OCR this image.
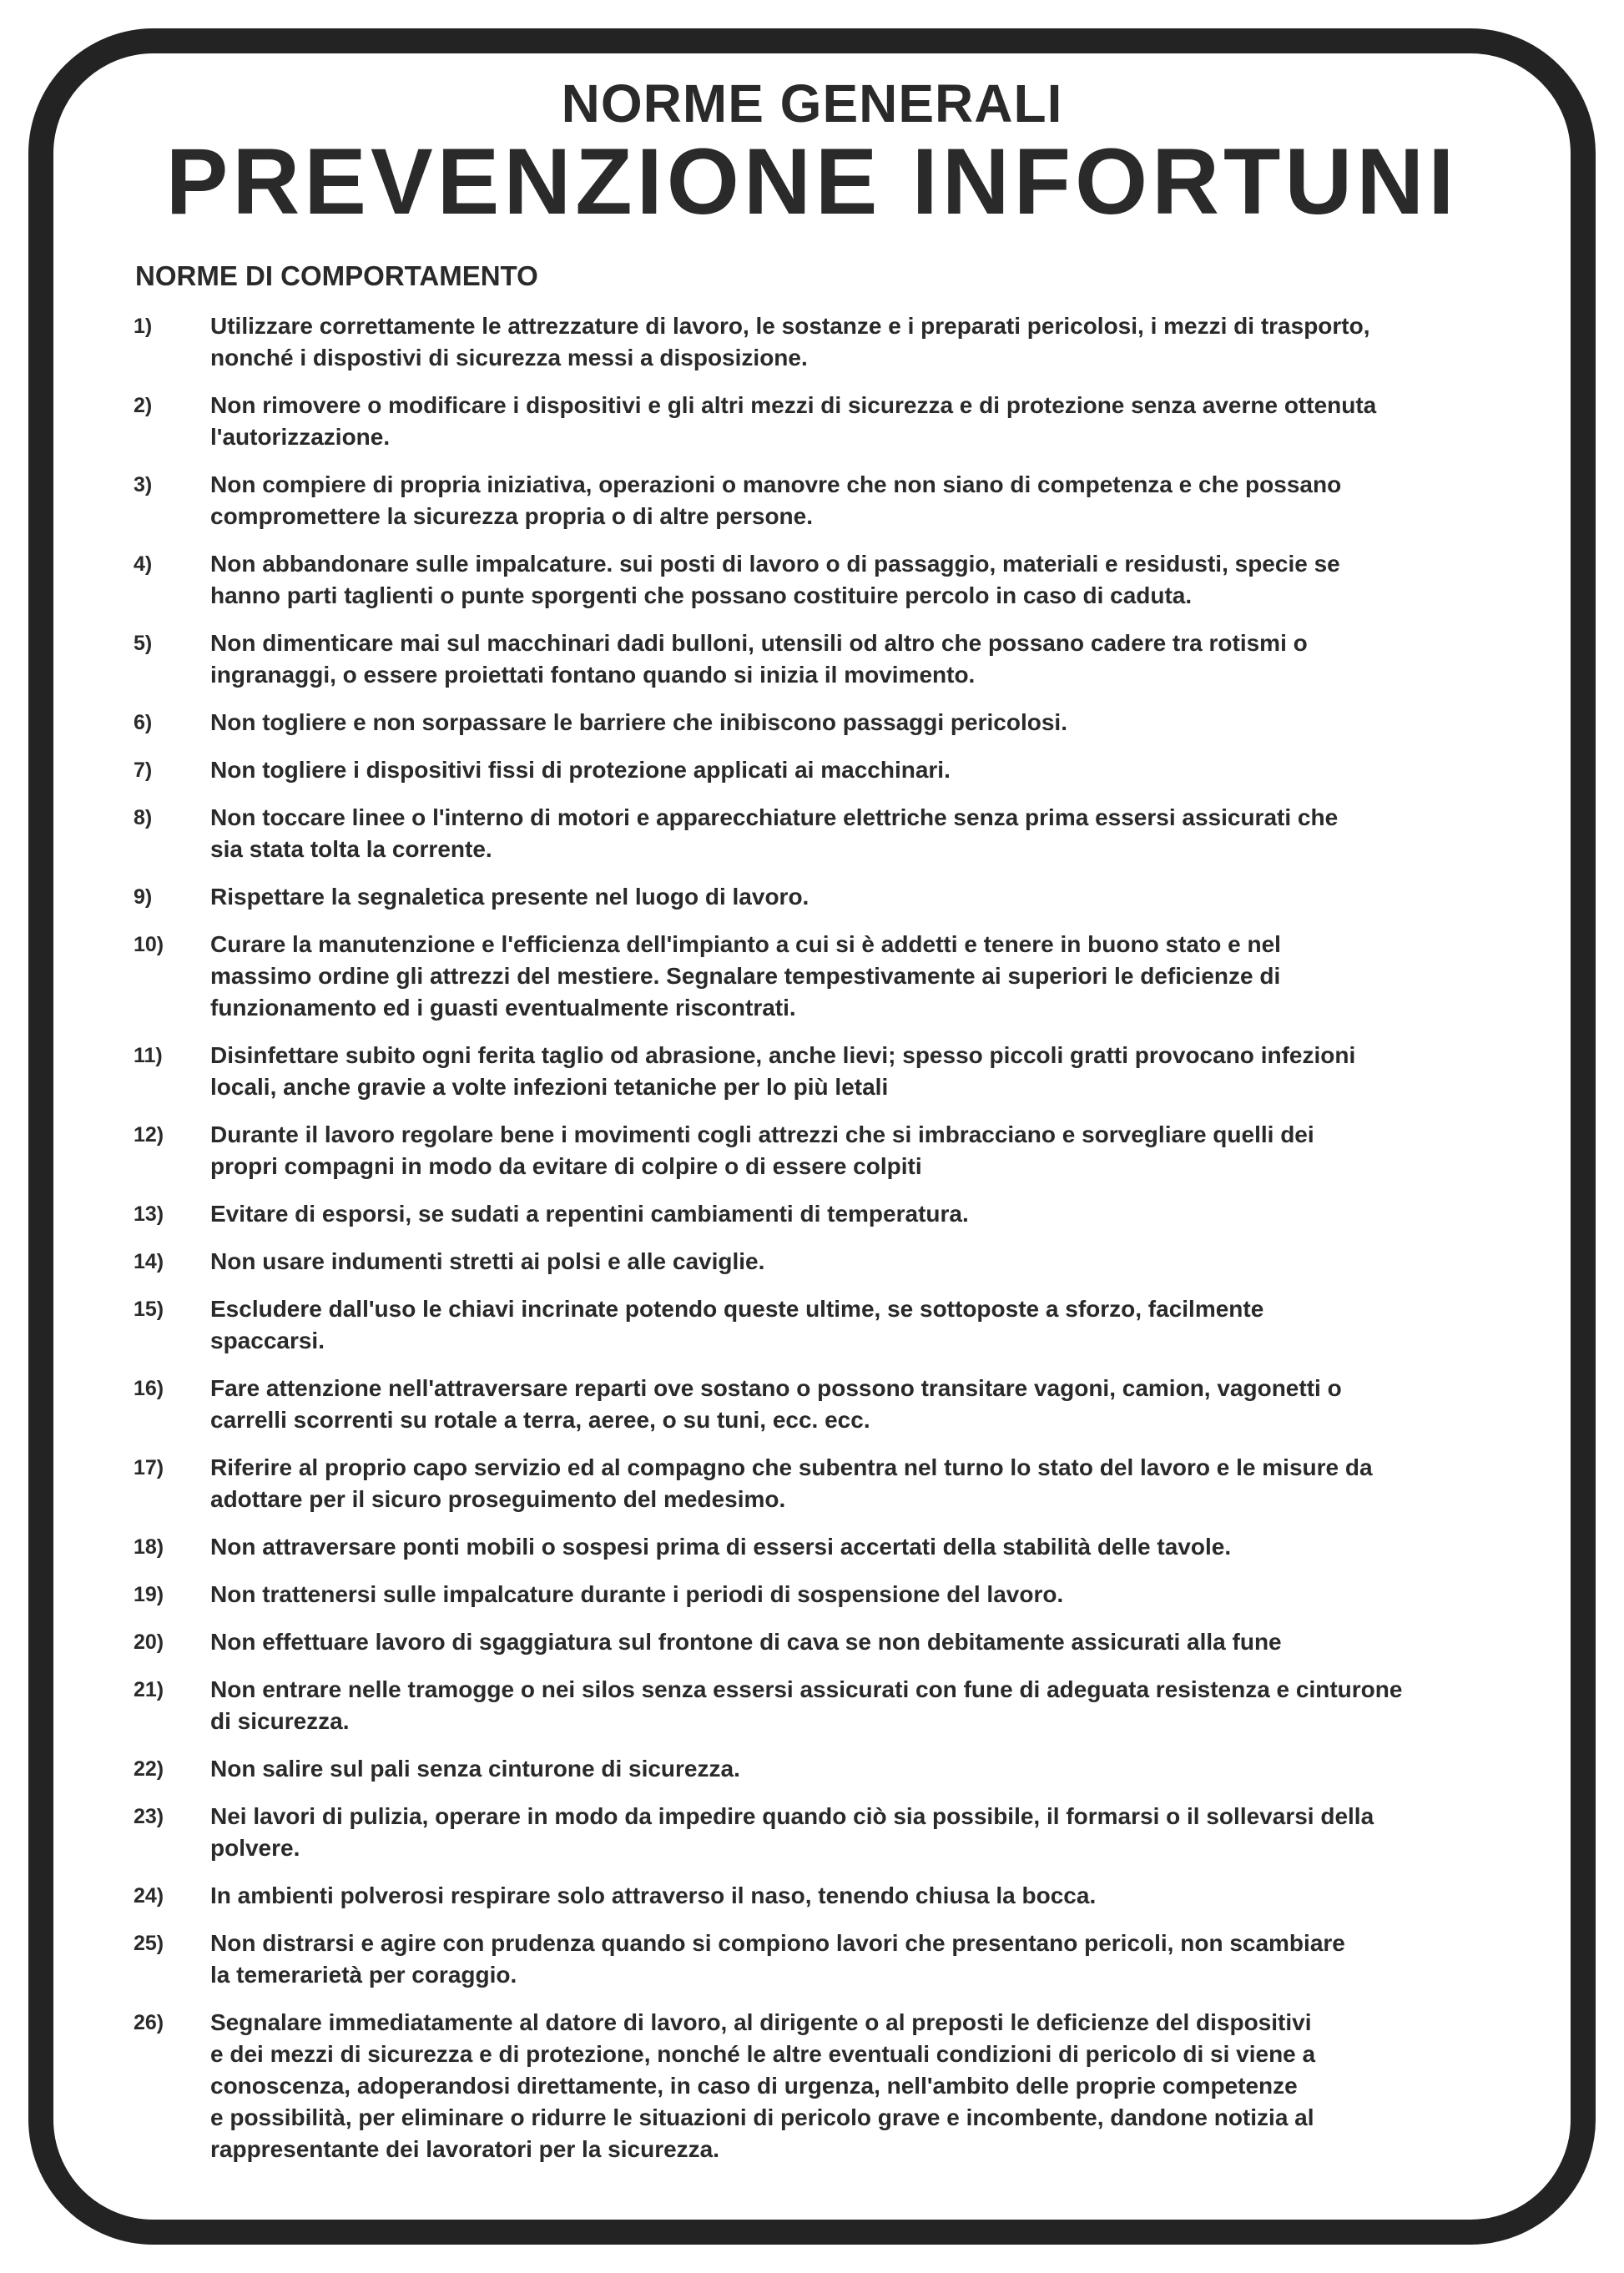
NORME GENERALI
PREVENZIONE INFORTUNI
NORME DI COMPORTAMENTO
1)	Utilizzare correttamente le attrezzature di lavoro, le sostanze e i preparati pericolosi, i mezzi di trasporto,
nonché i dispostivi di sicurezza messi a disposizione.
2)	Non rimovere o modificare i dispositivi e gli altri mezzi di sicurezza e di protezione senza averne ottenuta
l'autorizzazione.
3)	Non compiere di propria iniziativa, operazioni o manovre che non siano di competenza e che possano
compromettere la sicurezza propria o di altre persone.
4)	Non abbandonare sulle impalcature. sui posti di lavoro o di passaggio, materiali e residusti, specie se
hanno parti taglienti o punte sporgenti che possano costituire percolo in caso di caduta.
5)	Non dimenticare mai sul macchinari dadi bulloni, utensili od altro che possano cadere tra rotismi o
ingranaggi, o essere proiettati fontano quando si inizia il movimento.
6)	Non togliere e non sorpassare le barriere che inibiscono passaggi pericolosi.
7)	Non togliere i dispositivi fissi di protezione applicati ai macchinari.
8)	Non toccare linee o l'interno di motori e apparecchiature elettriche senza prima essersi assicurati che
sia stata tolta la corrente.
9)	Rispettare la segnaletica presente nel luogo di lavoro.
10)	Curare la manutenzione e l'efficienza dell'impianto a cui si è addetti e tenere in buono stato e nel
massimo ordine gli attrezzi del mestiere. Segnalare tempestivamente ai superiori le deficienze di
funzionamento ed i guasti eventualmente riscontrati.
11)	Disinfettare subito ogni ferita taglio od abrasione, anche lievi; spesso piccoli gratti provocano infezioni
locali, anche gravie a volte infezioni tetaniche per lo più letali
12)	Durante il lavoro regolare bene i movimenti cogli attrezzi che si imbracciano e sorvegliare quelli dei
propri compagni in modo da evitare di colpire o di essere colpiti
13)	Evitare di esporsi, se sudati a repentini cambiamenti di temperatura.
14)	Non usare indumenti stretti ai polsi e alle caviglie.
15)	Escludere dall'uso le chiavi incrinate potendo queste ultime, se sottoposte a sforzo, facilmente
spaccarsi.
16)	Fare attenzione nell'attraversare reparti ove sostano o possono transitare vagoni, camion, vagonetti o
carrelli scorrenti su rotale a terra, aeree, o su tuni, ecc. ecc.
17)	Riferire al proprio capo servizio ed al compagno che subentra nel turno lo stato del lavoro e le misure da
adottare per il sicuro proseguimento del medesimo.
18)	Non attraversare ponti mobili o sospesi prima di essersi accertati della stabilità delle tavole.
19)	Non trattenersi sulle impalcature durante i periodi di sospensione del lavoro.
20)	Non effettuare lavoro di sgaggiatura sul frontone di cava se non debitamente assicurati alla fune
21)	Non entrare nelle tramogge o nei silos senza essersi assicurati con fune di adeguata resistenza e cinturone
di sicurezza.
22)	Non salire sul pali senza cinturone di sicurezza.
23)	Nei lavori di pulizia, operare in modo da impedire quando ciò sia possibile, il formarsi o il sollevarsi della
polvere.
24)	In ambienti polverosi respirare solo attraverso il naso, tenendo chiusa la bocca.
25)	Non distrarsi e agire con prudenza quando si compiono lavori che presentano pericoli, non scambiare
la temerarietà per coraggio.
26)	Segnalare immediatamente al datore di lavoro, al dirigente o al preposti le deficienze del dispositivi
e dei mezzi di sicurezza e di protezione, nonché le altre eventuali condizioni di pericolo di si viene a
conoscenza, adoperandosi direttamente, in caso di urgenza, nell'ambito delle proprie competenze
e possibilità, per eliminare o ridurre le situazioni di pericolo grave e incombente, dandone notizia al
rappresentante dei lavoratori per la sicurezza.
